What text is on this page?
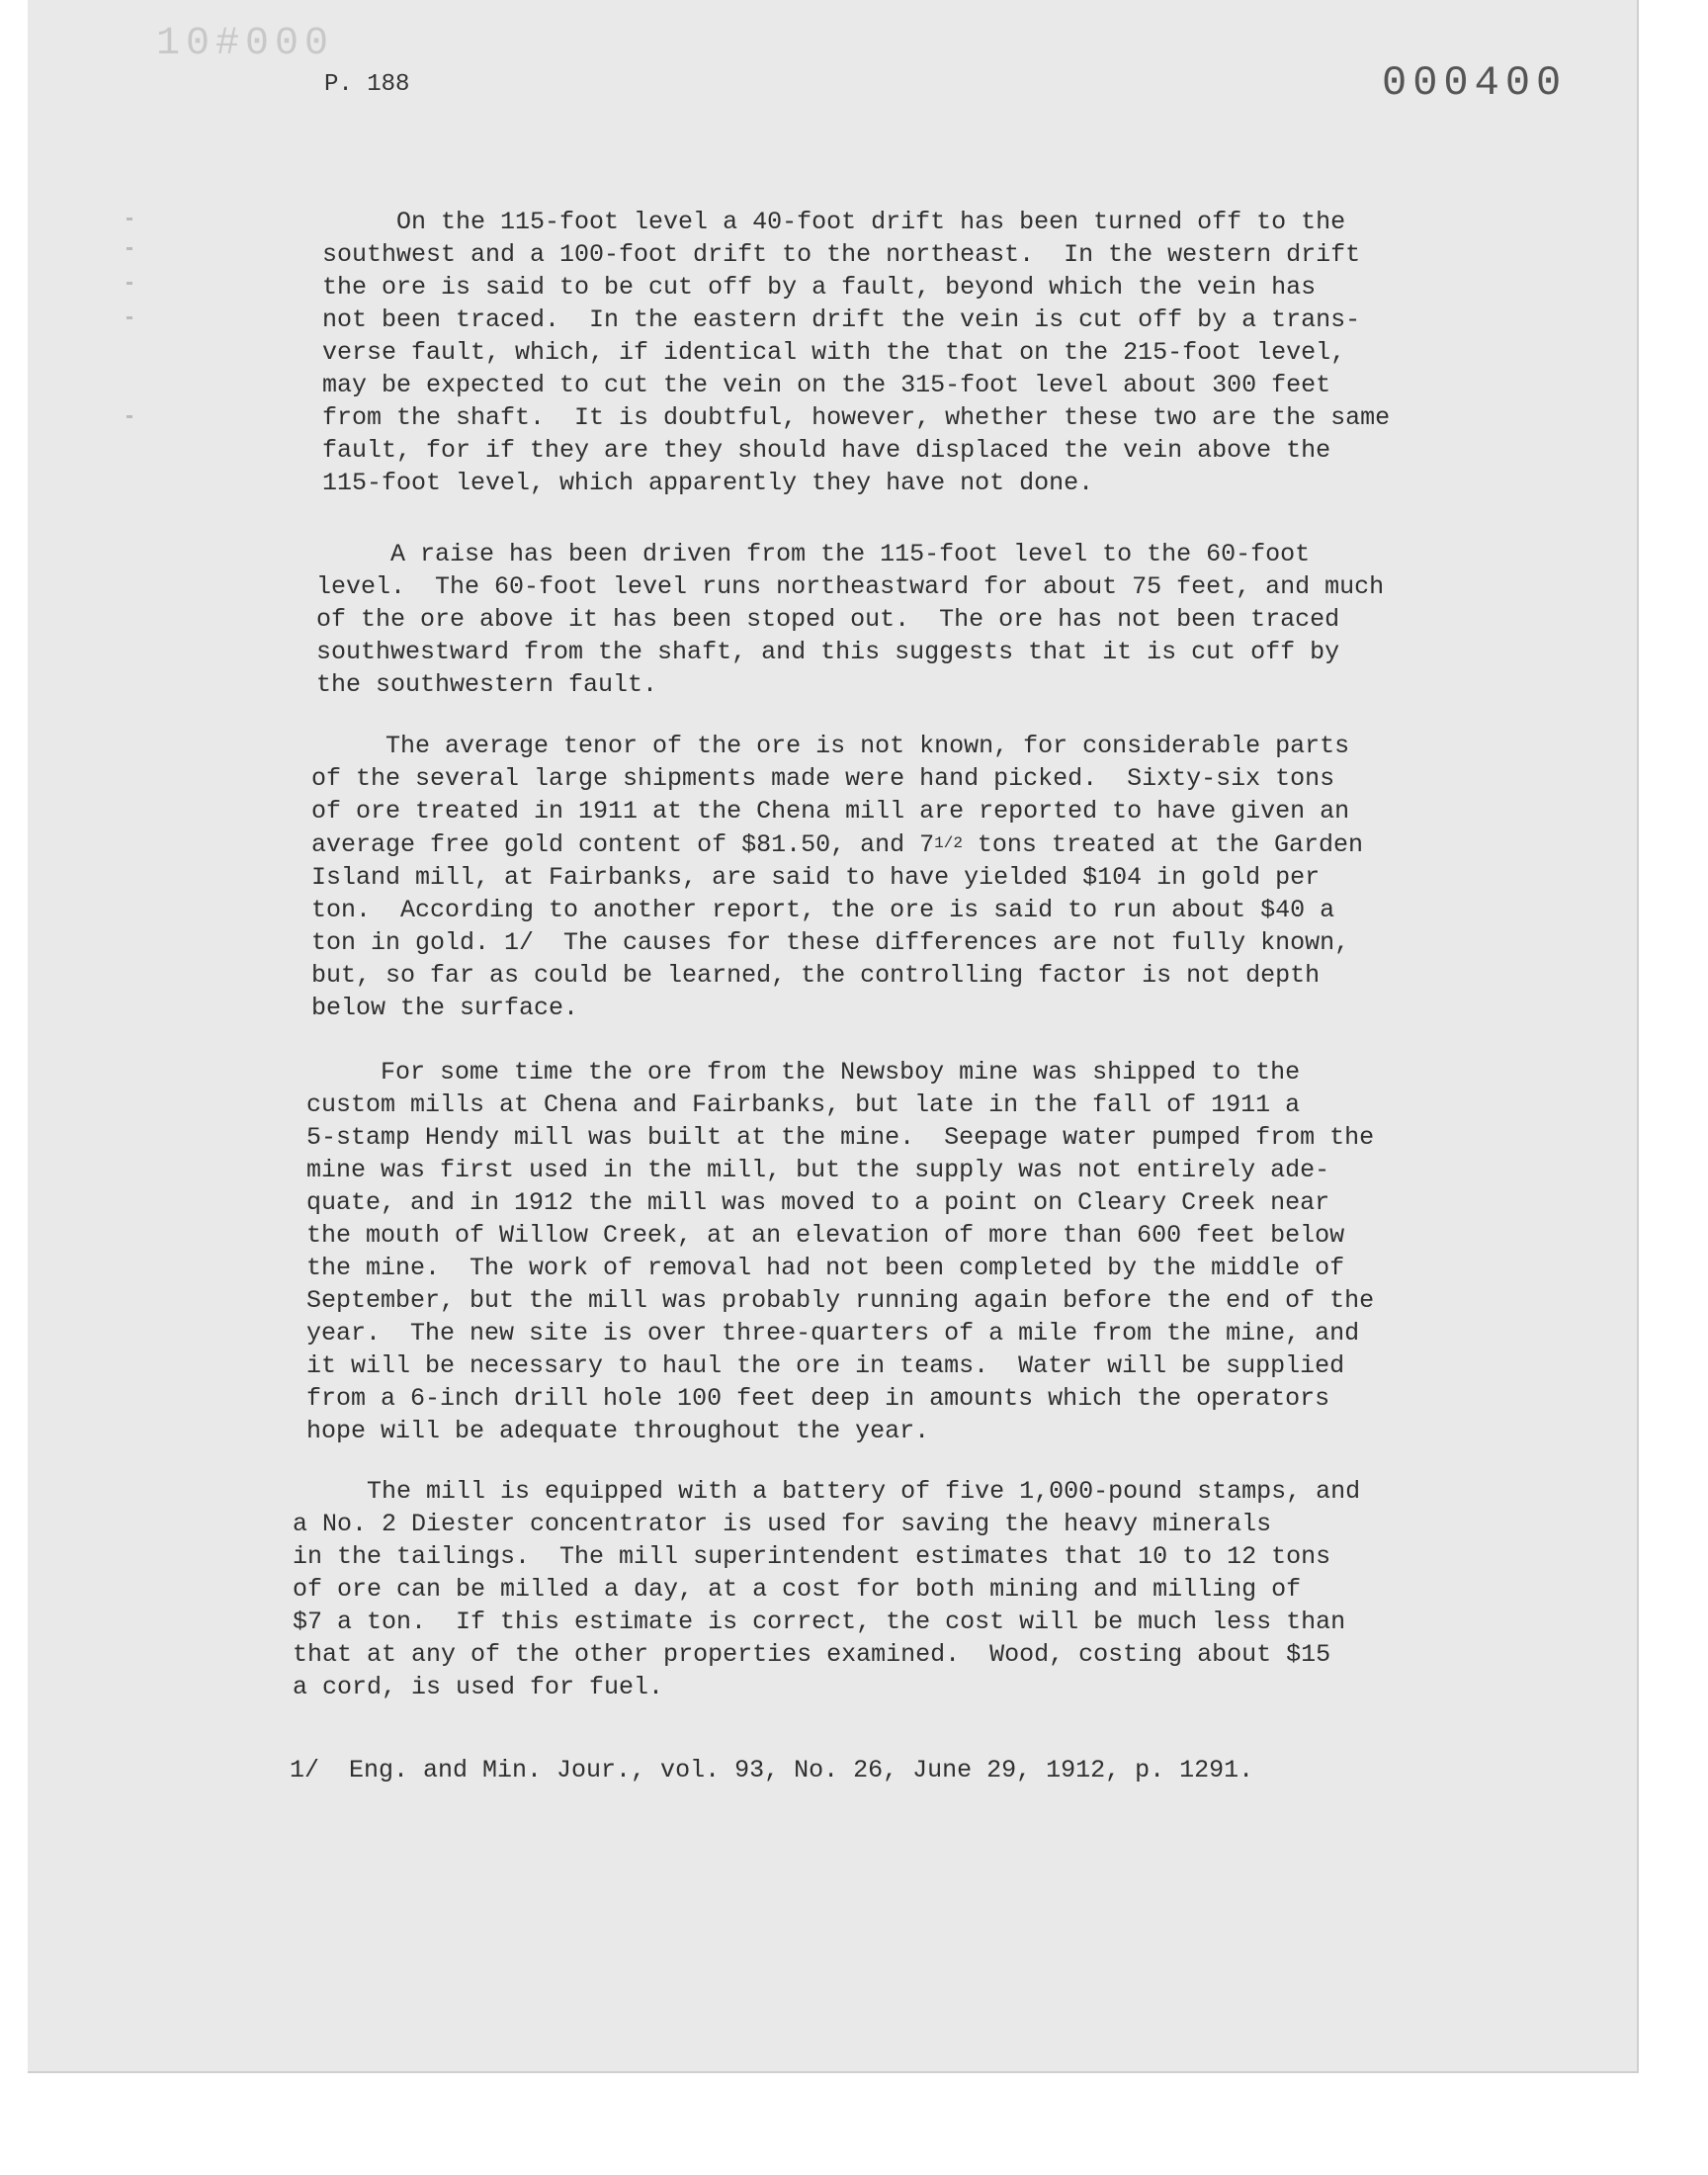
10#000
P. 188	000400

On the 115-foot level a 40-foot drift has been turned off to the
southwest and a 100-foot drift to the northeast.  In the western drift
the ore is said to be cut off by a fault, beyond which the vein has
not been traced.  In the eastern drift the vein is cut off by a trans-
verse fault, which, if identical with the that on the 215-foot level,
may be expected to cut the vein on the 315-foot level about 300 feet
from the shaft.  It is doubtful, however, whether these two are the same
fault, for if they are they should have displaced the vein above the
115-foot level, which apparently they have not done.

A raise has been driven from the 115-foot level to the 60-foot
level.  The 60-foot level runs northeastward for about 75 feet, and much
of the ore above it has been stoped out.  The ore has not been traced
southwestward from the shaft, and this suggests that it is cut off by
the southwestern fault.

The average tenor of the ore is not known, for considerable parts
of the several large shipments made were hand picked.  Sixty-six tons
of ore treated in 1911 at the Chena mill are reported to have given an
average free gold content of $81.50, and 71/2 tons treated at the Garden
Island mill, at Fairbanks, are said to have yielded $104 in gold per
ton.  According to another report, the ore is said to run about $40 a
ton in gold. 1/  The causes for these differences are not fully known,
but, so far as could be learned, the controlling factor is not depth
below the surface.

For some time the ore from the Newsboy mine was shipped to the
custom mills at Chena and Fairbanks, but late in the fall of 1911 a
5-stamp Hendy mill was built at the mine.  Seepage water pumped from the
mine was first used in the mill, but the supply was not entirely ade-
quate, and in 1912 the mill was moved to a point on Cleary Creek near
the mouth of Willow Creek, at an elevation of more than 600 feet below
the mine.  The work of removal had not been completed by the middle of
September, but the mill was probably running again before the end of the
year.  The new site is over three-quarters of a mile from the mine, and
it will be necessary to haul the ore in teams.  Water will be supplied
from a 6-inch drill hole 100 feet deep in amounts which the operators
hope will be adequate throughout the year.

The mill is equipped with a battery of five 1,000-pound stamps, and
a No. 2 Diester concentrator is used for saving the heavy minerals
in the tailings.  The mill superintendent estimates that 10 to 12 tons
of ore can be milled a day, at a cost for both mining and milling of
$7 a ton.  If this estimate is correct, the cost will be much less than
that at any of the other properties examined.  Wood, costing about $15
a cord, is used for fuel.

1/  Eng. and Min. Jour., vol. 93, No. 26, June 29, 1912, p. 1291.
